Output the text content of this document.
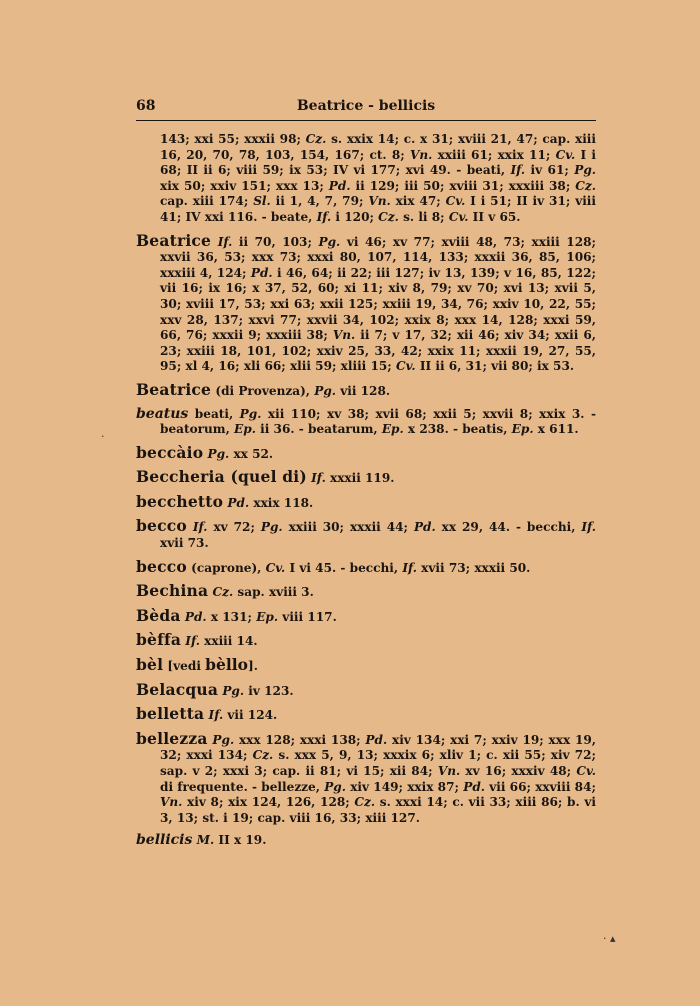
68	Beatrice - bellicis
143; xxi 55; xxxii 98; Cz. s. xxix 14; c. x 31; xviii 21, 47; cap. xiii 16, 20, 70, 78, 103, 154, 167; ct. 8; Vn. xxiii 61; xxix 11; Cv. I i 68; II ii 6; viii 59; ix 53; IV vi 177; xvi 49. - beati, If. iv 61; Pg. xix 50; xxiv 151; xxx 13; Pd. ii 129; iii 50; xviii 31; xxxiii 38; Cz. cap. xiii 174; Sl. ii 1, 4, 7, 79; Vn. xix 47; Cv. I i 51; II iv 31; viii 41; IV xxi 116. - beate, If. i 120; Cz. s. li 8; Cv. II v 65.
Beatrice If. ii 70, 103; Pg. vi 46; xv 77; xviii 48, 73; xxiii 128; xxvii 36, 53; xxx 73; xxxi 80, 107, 114, 133; xxxii 36, 85, 106; xxxiii 4, 124; Pd. i 46, 64; ii 22; iii 127; iv 13, 139; v 16, 85, 122; vii 16; ix 16; x 37, 52, 60; xi 11; xiv 8, 79; xv 70; xvi 13; xvii 5, 30; xviii 17, 53; xxi 63; xxii 125; xxiii 19, 34, 76; xxiv 10, 22, 55; xxv 28, 137; xxvi 77; xxvii 34, 102; xxix 8; xxx 14, 128; xxxi 59, 66, 76; xxxii 9; xxxiii 38; Vn. ii 7; v 17, 32; xii 46; xiv 34; xxii 6, 23; xxiii 18, 101, 102; xxiv 25, 33, 42; xxix 11; xxxii 19, 27, 55, 95; xl 4, 16; xli 66; xlii 59; xliii 15; Cv. II ii 6, 31; vii 80; ix 53.
Beatrice (di Provenza), Pg. vii 128.
beatus beati, Pg. xii 110; xv 38; xvii 68; xxii 5; xxvii 8; xxix 3. - beatorum, Ep. ii 36. - beatarum, Ep. x 238. - beatis, Ep. x 611.
beccàio Pg. xx 52.
Beccheria (quel di) If. xxxii 119.
becchetto Pd. xxix 118.
becco If. xv 72; Pg. xxiii 30; xxxii 44; Pd. xx 29, 44. - becchi, If. xvii 73.
becco (caprone), Cv. I vi 45. - becchi, If. xvii 73; xxxii 50.
Bechina Cz. sap. xviii 3.
Bèda Pd. x 131; Ep. viii 117.
bèffa If. xxiii 14.
bèl [vedi bèllo].
Belacqua Pg. iv 123.
belletta If. vii 124.
bellezza Pg. xxx 128; xxxi 138; Pd. xiv 134; xxi 7; xxiv 19; xxx 19, 32; xxxi 134; Cz. s. xxx 5, 9, 13; xxxix 6; xliv 1; c. xii 55; xiv 72; sap. v 2; xxxi 3; cap. ii 81; vi 15; xii 84; Vn. xv 16; xxxiv 48; Cv. di frequente. - bellezze, Pg. xiv 149; xxix 87; Pd. vii 66; xxviii 84; Vn. xiv 8; xix 124, 126, 128; Cz. s. xxxi 14; c. vii 33; xiii 86; b. vi 3, 13; st. i 19; cap. viii 16, 33; xiii 127.
bellicis M. II x 19.
·
· ▴
